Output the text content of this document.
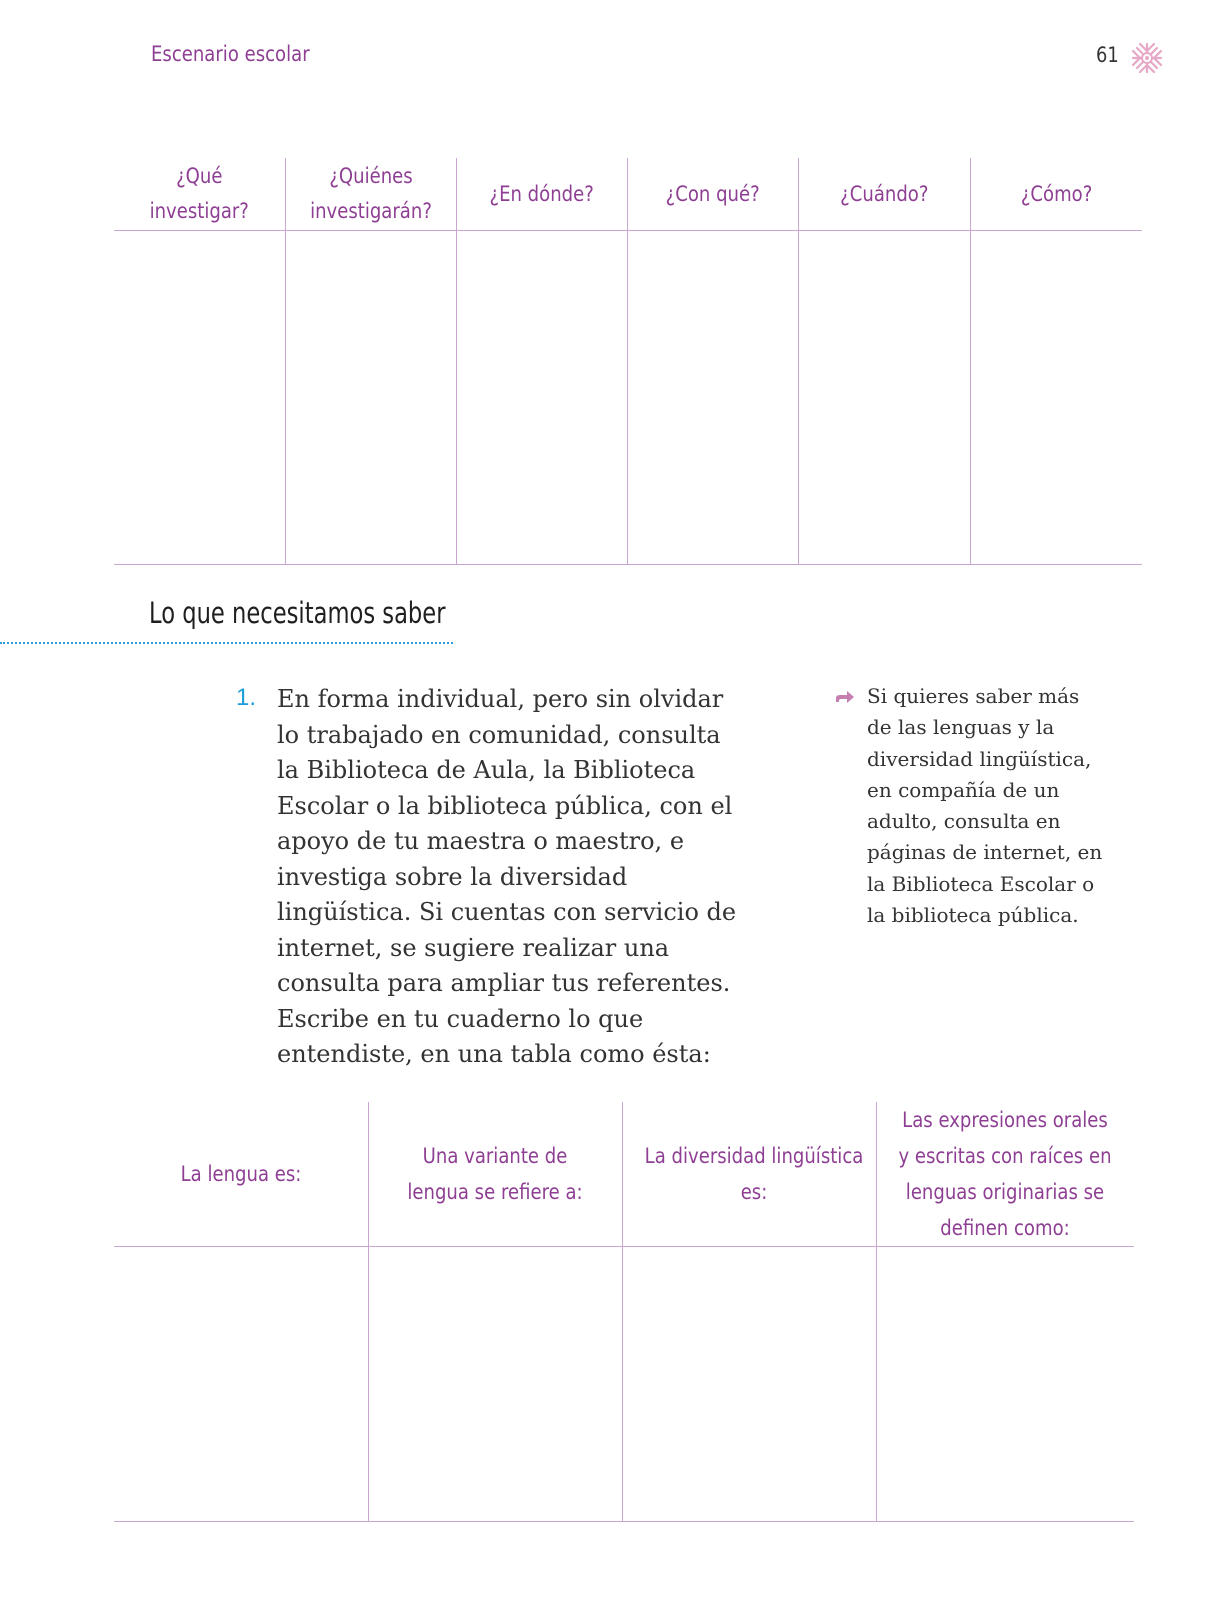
Escenario escolar	61
¿Qué investigar?	¿Quiénes investigarán?	¿En dónde?	¿Con qué?	¿Cuándo?	¿Cómo?

Lo que necesitamos saber
1. En forma individual, pero sin olvidar lo trabajado en comunidad, consulta la Biblioteca de Aula, la Biblioteca Escolar o la biblioteca pública, con el apoyo de tu maestra o maestro, e investiga sobre la diversidad lingüística. Si cuentas con servicio de internet, se sugiere realizar una consulta para ampliar tus referentes. Escribe en tu cuaderno lo que entendiste, en una tabla como ésta:

Si quieres saber más de las lenguas y la diversidad lingüística, en compañía de un adulto, consulta en páginas de internet, en la Biblioteca Escolar o la biblioteca pública.

La lengua es:	Una variante de lengua se refiere a:	La diversidad lingüística es:	Las expresiones orales y escritas con raíces en lenguas originarias se definen como:
